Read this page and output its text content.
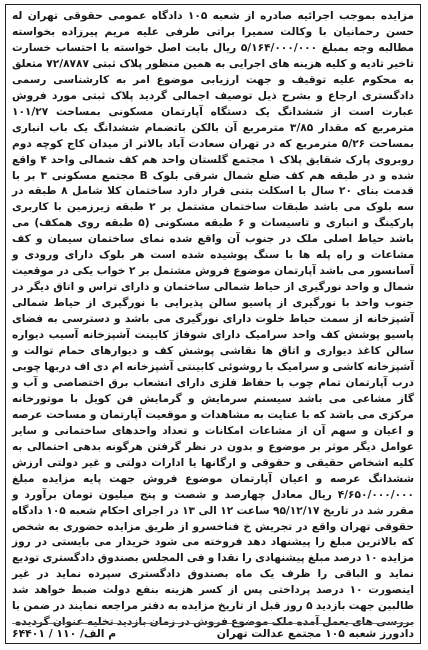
مزایده بموجب اجرائیه صادره از شعبه ۱۰۵ دادگاه عمومی حقوقی تهران له حسن رحمانیان با وکالت سمیرا براتی طرفی علیه مریم پیرزاده بخواسته مطالبه وجه بمبلغ ۵/۱۶۴/۰۰۰/۰۰۰ ریال بابت اصل خواسته با احتساب خسارت تاخیر تادیه و کلیه هزینه های اجرایی به همین منظور پلاک ثبتی ۷۲/۸۷۸۷ متعلق به محکوم علیه توقیف و جهت ارزیابی موضوع امر به کارشناسی رسمی دادگستری ارجاع و بشرح ذیل توصیف اجمالی گردید پلاک ثبتی مورد فروش عبارت است از ششدانگ یک دستگاه آپارتمان مسکونی بمساحت ۱۰۱/۲۷ مترمربع که مقدار ۳/۸۵ مترمربع آن بالکن باتضمام ششدانگ یک باب انباری بمساحت ۵/۲۶ مترمربع که در تهران سعادت آباد بالاتر از میدان کاج کوچه دوم روبروی پارک شقایق پلاک ۱ مجتمع گلستان واحد هم کف شمالی واحد ۴ واقع شده و در طبقه هم کف ضلع شمال شرقی بلوک B مجتمع مسکونی ۳ بر با قدمت بنای ۲۰ سال با اسکلت بتنی قرار دارد ساختمان کلا شامل ۸ طبقه در سه بلوک می باشد طبقات ساختمان مشتمل بر ۲ طبقه زیرزمین با کاربری پارکینگ و انباری و تاسیسات و ۶ طبقه مسکونی (۵ طبقه روی همکف) می باشد حیاط اصلی ملک در جنوب آن واقع شده نمای ساختمان سیمان و کف مشاعات و راه پله ها با سنگ پوشیده شده است هر بلوک دارای ورودی و آسانسور می باشد آپارتمان موضوع فروش مشتمل بر ۲ خواب یکی در موقعیت شمال و واحد نورگیری از حیاط شمالی ساختمان و دارای تراس و اتاق دیگر در جنوب واحد با نورگیری از پاسیو سالن پذیرایی با نورگیری از حیاط شمالی آشپزخانه از سمت حیاط خلوت دارای نورگیری می باشد و دسترسی به فضای پاسیو پوشش کف واحد سرامیک دارای شوفاژ کابینت آشپزخانه آسیب دیواره سالن کاغذ دیواری و اتاق ها نقاشی پوشش کف و دیوارهای حمام توالت و آشپزخانه کاشی و سرامیک با روشوئی کابینتی آشپزخانه ام دی اف دربها چوبی درب آپارتمان تمام چوب با حفاظ فلزی دارای انشعاب برق اختصاصی و آب و گاز مشاعی می باشد سیستم سرمایش و گرمایش فن کویل با موتورخانه مرکزی می باشد که با عنایت به مشاهدات و موقعیت آپارتمان و مساحت عرصه و اعیان و سهم آن از مشاعات امکانات و تعداد واحدهای ساختمانی و سایر عوامل دیگر موثر بر موضوع و بدون در نظر گرفتن هرگونه بدهی احتمالی به کلیه اشخاص حقیقی و حقوقی و ارگانها یا ادارات دولتی و غیر دولتی ارزش ششدانگ عرصه و اعیان آپارتمان موضوع فروش جهت پایه مزایده مبلغ ۴/۶۵۰/۰۰۰/۰۰۰ ریال معادل چهارصد و شصت و پنج میلیون تومان برآورد و مقرر شد در تاریخ ۹۵/۱۲/۱۷ ساعت ۱۲ الی ۱۳ در اجرای احکام شعبه ۱۰۵ دادگاه حقوقی تهران واقع در تجریش خ فناخسرو از طریق مزایده حضوری به شخص که بالاترین مبلغ را پیشنهاد دهد فروخته می شود خریدار می بایستی در روز مزایده ۱۰ درصد مبلغ پیشنهادی را نقدا و فی المجلس بصندوق دادگستری تودیع نماید و الباقی را ظرف یک ماه بصندوق دادگستری سپرده نماید در غیر اینصورت ۱۰ درصد پرداختی پس از کسر هزینه بنفع دولت ضبط خواهد شد طالبین جهت بازدید ۵ روز قبل از تاریخ مزایده به دفتر مراجعه نمایند در ضمن با بررسی های بعمل آمده ملک موضوع فروش در زمان بازدید تخلیه عنوان گردیده

۶۴۴۰۱ / ۱۱۰ /م الف	دادورز شعبه ۱۰۵ مجتمع عدالت تهران
